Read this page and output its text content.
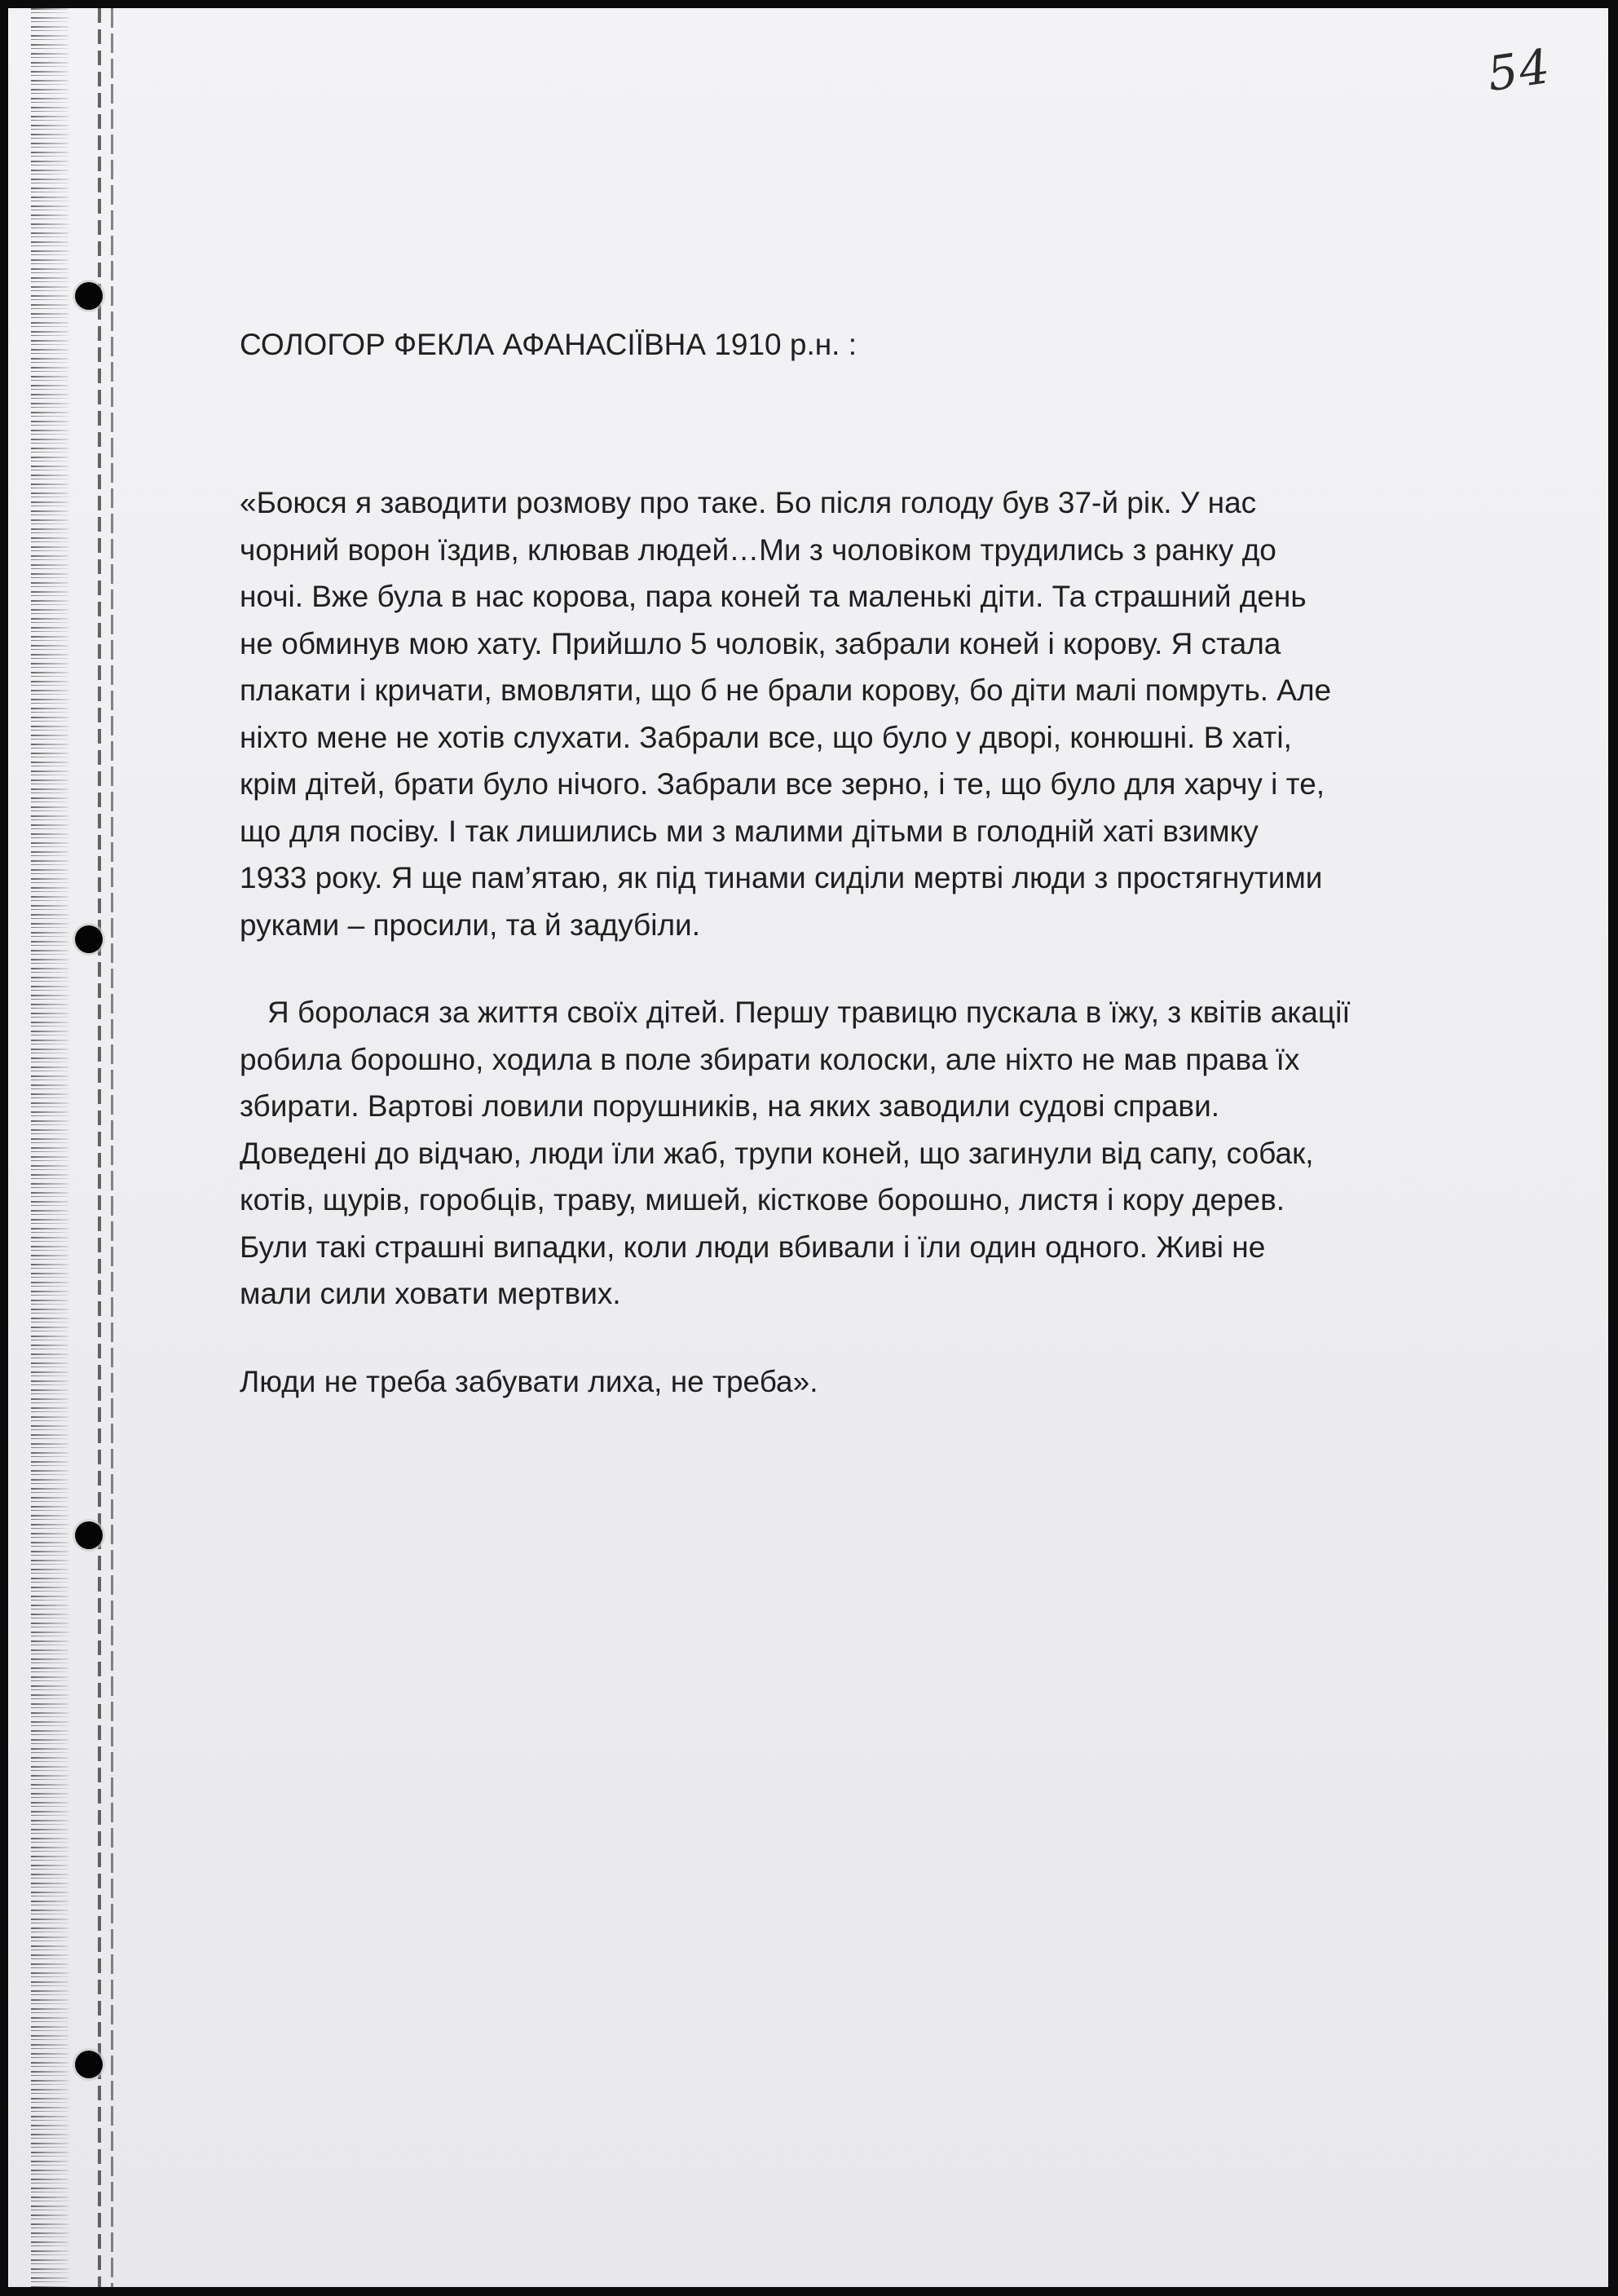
54
СОЛОГОР ФЕКЛА АФАНАСІЇВНА 1910 р.н. :
«Боюся я заводити розмову про таке. Бо після голоду був 37-й рік. У нас
чорний ворон їздив, клював людей…Ми з чоловіком трудились з ранку до
ночі. Вже була в нас корова, пара коней та маленькі діти. Та страшний день
не обминув мою хату. Прийшло 5 чоловік, забрали коней і корову. Я стала
плакати і кричати, вмовляти, що б не брали корову, бо діти малі помруть. Але
ніхто мене не хотів слухати. Забрали все, що було у дворі, конюшні. В хаті,
крім дітей, брати було нічого. Забрали все зерно, і те, що було для харчу і те,
що для посіву. І так лишились ми з малими дітьми в голодній хаті взимку
1933 року. Я ще пам’ятаю, як під тинами сиділи мертві люди з простягнутими
руками – просили, та й задубіли.
Я боролася за життя своїх дітей. Першу травицю пускала в їжу, з квітів акації
робила борошно, ходила в поле збирати колоски, але ніхто не мав права їх
збирати. Вартові ловили порушників, на яких заводили судові справи.
Доведені до відчаю, люди їли жаб, трупи коней, що загинули від сапу, собак,
котів, щурів, горобців, траву, мишей, кісткове борошно, листя і кору дерев.
Були такі страшні випадки, коли люди вбивали і їли один одного. Живі не
мали сили ховати мертвих.
Люди не треба забувати лиха, не треба».
